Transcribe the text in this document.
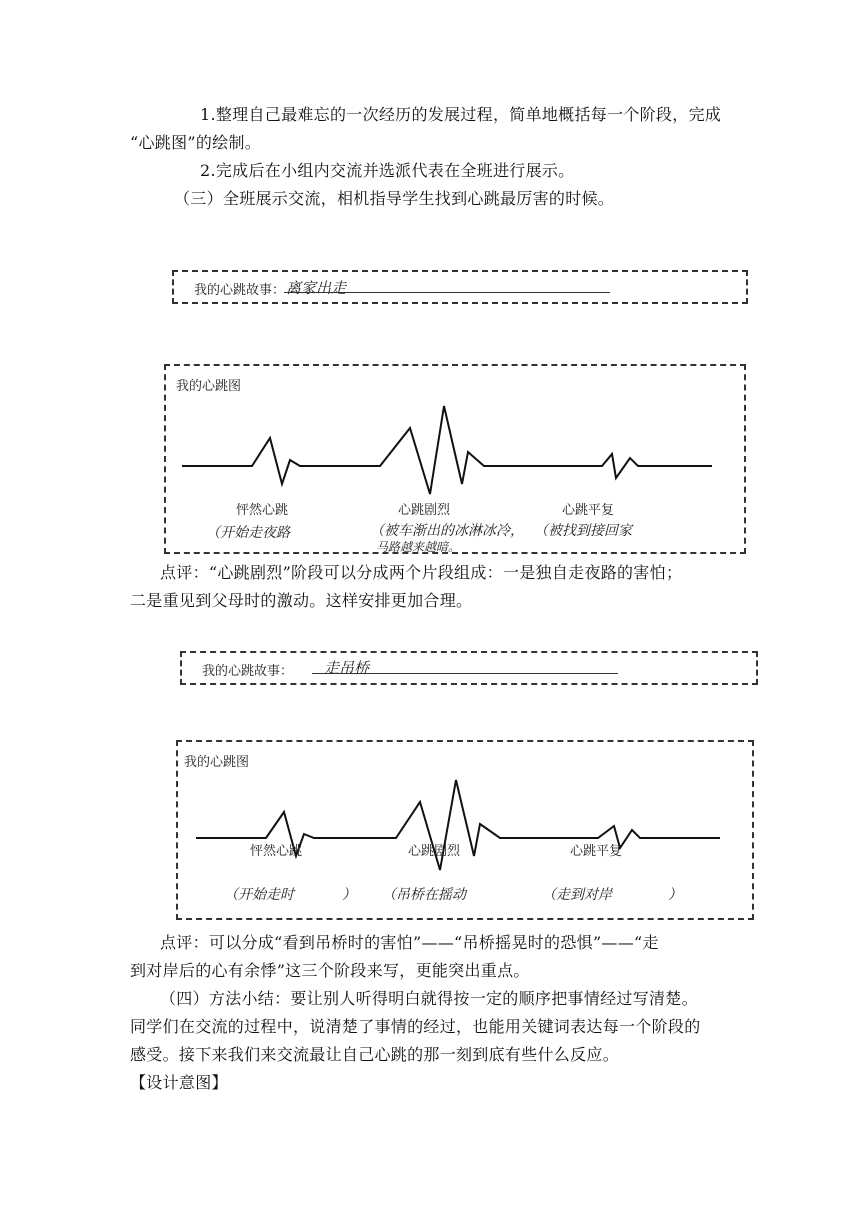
1.整理自己最难忘的一次经历的发展过程，简单地概括每一个阶段，完成
“心跳图”的绘制。
2.完成后在小组内交流并选派代表在全班进行展示。
（三）全班展示交流，相机指导学生找到心跳最厉害的时候。
我的心跳故事： 离家出走
我的心跳图
怦然心跳	心跳剧烈	心跳平复
（开始走夜路	（被车渐出的冰淋冰冷，
马路越来越暗。
（被找到接回家
点评：“心跳剧烈”阶段可以分成两个片段组成：一是独自走夜路的害怕；
二是重见到父母时的激动。这样安排更加合理。
我的心跳故事： 走吊桥
我的心跳图
怦然心跳	心跳剧烈	心跳平复
（开始走时	） （吊桥在摇动	（走到对岸	）
点评：可以分成“看到吊桥时的害怕”——“吊桥摇晃时的恐惧”——“走
到对岸后的心有余悸”这三个阶段来写，更能突出重点。
（四）方法小结：要让别人听得明白就得按一定的顺序把事情经过写清楚。
同学们在交流的过程中，说清楚了事情的经过，也能用关键词表达每一个阶段的
感受。接下来我们来交流最让自己心跳的那一刻到底有些什么反应。
【设计意图】
